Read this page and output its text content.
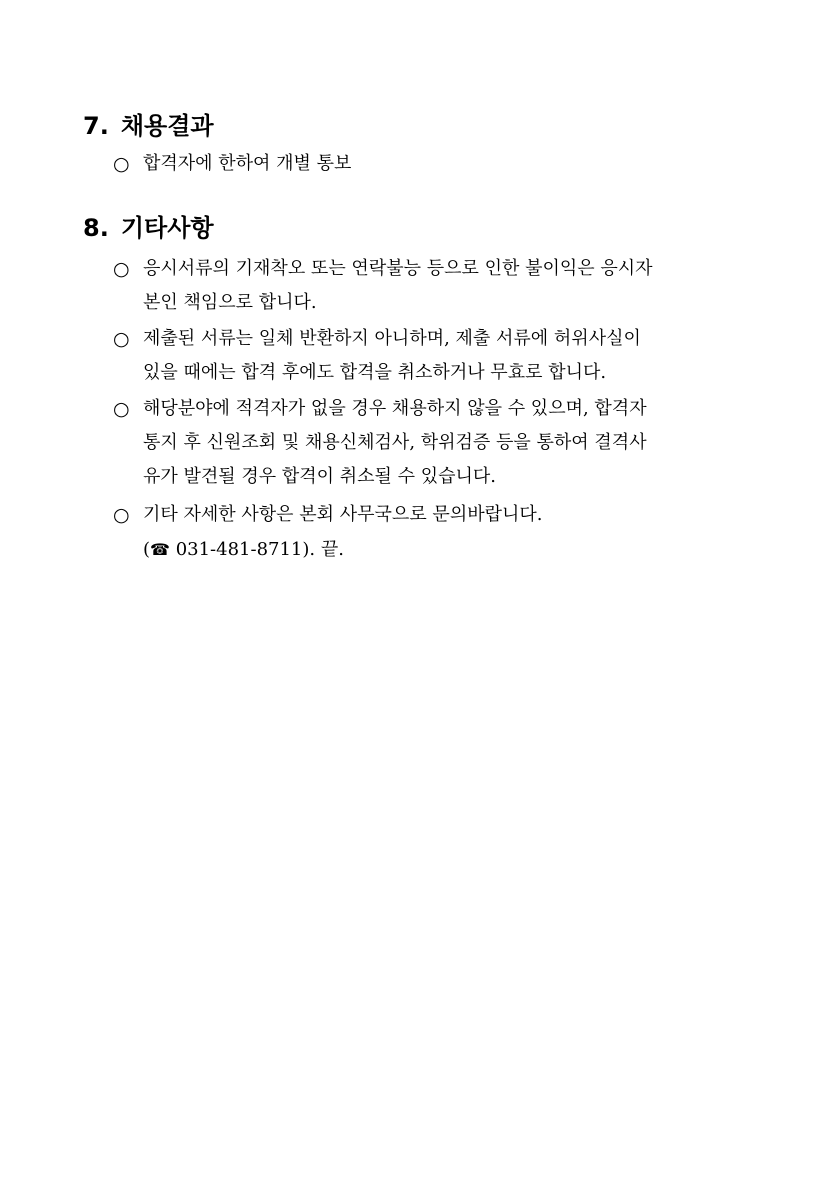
7. 채용결과
○ 합격자에 한하여 개별 통보
8. 기타사항
○ 응시서류의 기재착오 또는 연락불능 등으로 인한 불이익은 응시자
본인 책임으로 합니다.
○ 제출된 서류는 일체 반환하지 아니하며, 제출 서류에 허위사실이
있을 때에는 합격 후에도 합격을 취소하거나 무효로 합니다.
○ 해당분야에 적격자가 없을 경우 채용하지 않을 수 있으며, 합격자
통지 후 신원조회 및 채용신체검사, 학위검증 등을 통하여 결격사
유가 발견될 경우 합격이 취소될 수 있습니다.
○ 기타 자세한 사항은 본회 사무국으로 문의바랍니다.
(☎ 031-481-8711). 끝.
